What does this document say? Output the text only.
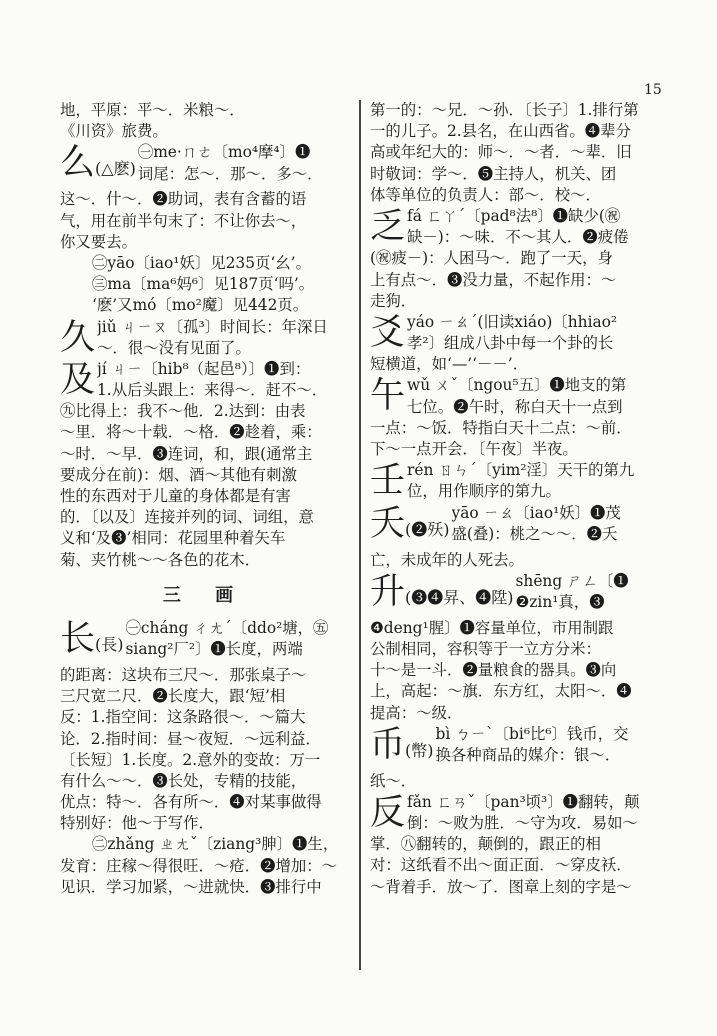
15
地，平原：平～．米粮～．
《川资》旅费。
么(△麽)
㊀me·ㄇㄜ〔mo⁴摩⁴〕❶
词尾：怎～．那～．多～．
这～．什～．❷助词，表有含蓄的语
气，用在前半句末了：不让你去～，
你又要去。
㊁yāo〔iao¹妖〕见235页‘幺’。
㊂ma〔ma⁶妈⁶〕见187页‘吗’。
‘麽’又mó〔mo²魔〕见442页。
久 jiǔ ㄐㄧㄡ〔孤³〕时间长：年深日
～．很～没有见面了。
及 jí ㄐㄧ〔hib⁸（起邑⁸）〕❶到：
1.从后头跟上：来得～．赶不～．
㊈比得上：我不～他．2.达到：由表
～里．将～十载．～格．❷趁着，乘：
～时．～早．❸连词，和，跟(通常主
要成分在前)：烟、酒～其他有刺激
性的东西对于儿童的身体都是有害
的．〔以及〕连接并列的词、词组，意
义和‘及❸’相同：花园里种着矢车
菊、夹竹桃～～各色的花木．
三 画
长(長)
㊀cháng ㄔㄤˊ〔ddo²塘，㊄
siang²厂²〕❶长度，两端
的距离：这块布三尺～．那张桌子～
三尺宽二尺．❷长度大，跟‘短’相
反：1.指空间：这条路很～．～篇大
论．2.指时间：昼～夜短．～远利益．
〔长短〕1.长度。2.意外的变故：万一
有什么～～．❸长处，专精的技能，
优点：特～．各有所～．❹对某事做得
特别好：他～于写作．
㊁zhǎng ㄓㄤˇ〔ziang³胂〕❶生，
发育：庄稼～得很旺．～疮．❷增加：～
见识．学习加紧，～进就快．❸排行中
第一的：～兄．～孙．〔长子〕1.排行第
一的儿子。2.县名，在山西省。❹辈分
高或年纪大的：师～．～者．～辈．旧
时敬词：学～．❺主持人，机关、团
体等单位的负责人：部～．校～．
乏 fá ㄈㄚˊ〔pad⁸法⁸〕❶缺少(㊗
缺－)：～味．不～其人．❷疲倦
(㊗疲－)：人困马～．跑了一天，身
上有点～．❸没力量，不起作用：～
走狗．
爻 yáo ㄧㄠˊ(旧读xiáo)〔hhiao²
孝²〕组成八卦中每一个卦的长
短横道，如‘—’‘－－’．
午 wǔ ㄨˇ〔ngou⁵五〕❶地支的第
七位。❷午时，称白天十一点到
一点：～饭．特指白天十二点：～前．
下～一点开会．〔午夜〕半夜。
壬 rén ㄖㄣˊ〔yim²淫〕天干的第九
位，用作顺序的第九。
夭(❷殀)
yāo ㄧㄠ〔iao¹妖〕❶茂
盛(叠)：桃之～～．❷夭
亡，未成年的人死去。
升(❸❹昇、❹陞)
shēng ㄕㄥ〔❶
❷zin¹真，❸
❹deng¹腥〕❶容量单位，市用制跟
公制相同，容积等于一立方分米：
十～是一斗．❷量粮食的器具。❸向
上，高起：～旗．东方红，太阳～．❹
提高：～级．
币(幣)
bì ㄅㄧˋ〔bi⁶比⁶〕钱币，交
换各种商品的媒介：银～．
纸～．
反 fǎn ㄈㄢˇ〔pan³顷³〕❶翻转，颠
倒：～败为胜．～守为攻．易如～
掌．㊇翻转的，颠倒的，跟正的相
对：这纸看不出～面正面．～穿皮袄．
～背着手．放～了．图章上刻的字是～
